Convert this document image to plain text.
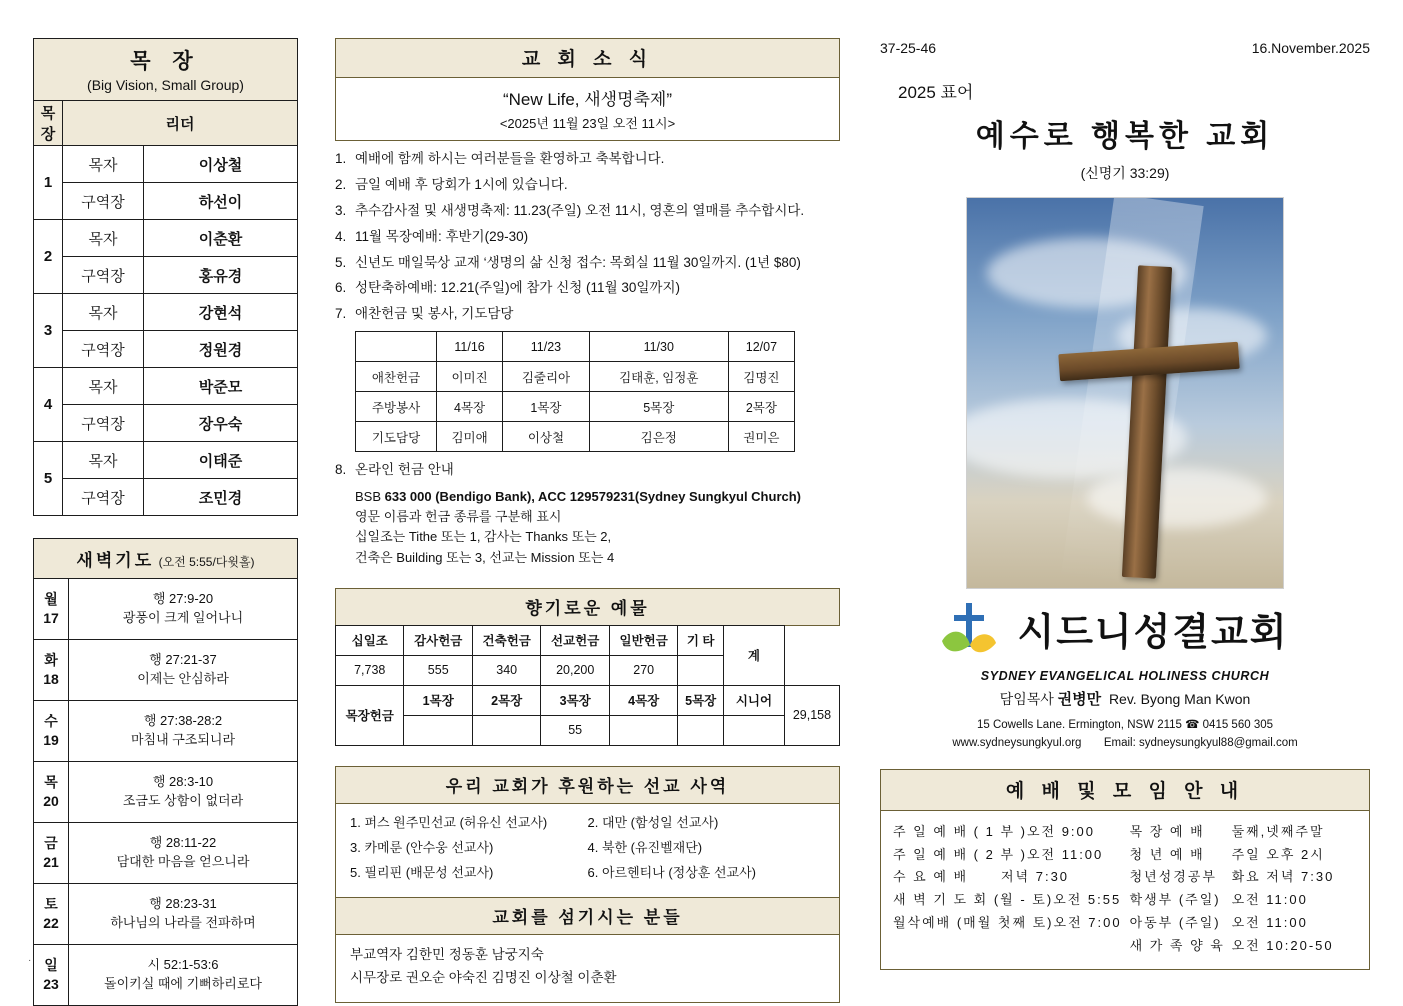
목 장
(Big Vision, Small Group)
목장	리더	
1	목자	이상철
	구역장	하선이
2	목자	이춘환
	구역장	홍유경
3	목자	강현석
	구역장	정원경
4	목자	박준모
	구역장	장우숙
5	목자	이태준
	구역장	조민경
새벽기도 (오전 5:55/다윗홀)
월
17	행 27:9-20
광풍이 크게 일어나니
화
18	행 27:21-37
이제는 안심하라
수
19	행 27:38-28:2
마침내 구조되니라
목
20	행 28:3-10
조금도 상함이 없더라
금
21	행 28:11-22
담대한 마음을 얻으니라
토
22	행 28:23-31
하나님의 나라를 전파하며
일
23	시 52:1-53:6
돌이키실 때에 기뻐하리로다
교 회 소 식
“New Life, 새생명축제”
<2025년 11월 23일 오전 11시>
1. 예배에 함께 하시는 여러분들을 환영하고 축복합니다.
2. 금일 예배 후 당회가 1시에 있습니다.
3. 추수감사절 및 새생명축제: 11.23(주일) 오전 11시, 영혼의 열매를 추수합시다.
4. 11월 목장예배: 후반기(29-30)
5. 신년도 매일묵상 교재 ‘생명의 삶 신청 접수: 목회실 11월 30일까지. (1년 $80)
6. 성탄축하예배: 12.21(주일)에 참가 신청 (11월 30일까지)
7. 애찬헌금 및 봉사, 기도담당
	11/16	11/23	11/30	12/07
애찬헌금	이미진	김줄리아	김태훈, 임정훈	김명진
주방봉사	4목장	1목장	5목장	2목장
기도담당	김미애	이상철	김은정	권미은
8. 온라인 헌금 안내
BSB 633 000 (Bendigo Bank), ACC 129579231(Sydney Sungkyul Church)
영문 이름과 헌금 종류를 구분해 표시
십일조는 Tithe 또는 1, 감사는 Thanks 또는 2,
건축은 Building 또는 3, 선교는 Mission 또는 4
향기로운 예물
십일조	감사헌금	건축헌금	선교헌금	일반헌금	기 타	계	
7,738	555	340	20,200	270			
목장헌금	1목장	2목장	3목장	4목장	5목장	시니어	29,158
			55				
우리 교회가 후원하는 선교 사역
1. 퍼스 원주민선교 (허유신 선교사)	2. 대만 (함성일 선교사)
3. 카메룬 (안수웅 선교사)	4. 북한 (유진벨재단)
5. 필리핀 (배문성 선교사)	6. 아르헨티나 (정상훈 선교사)
교회를 섬기시는 분들
부교역자 김한민 정동훈 남궁지숙
시무장로 권오순 야숙진 김명진 이상철 이춘환
37-25-46	16.November.2025
2025 표어
예수로 행복한 교회
(신명기 33:29)
시드니성결교회
SYDNEY EVANGELICAL HOLINESS CHURCH
담임목사 권병만 Rev. Byong Man Kwon
15 Cowells Lane. Ermington, NSW 2115 ☎ 0415 560 305
www.sydneysungkyul.org Email: sydneysungkyul88@gmail.com
예 배 및 모 임 안 내
주 일 예 배 ( 1 부 )오전 9:00
주 일 예 배 ( 2 부 )오전 11:00
수 요 예 배	저녁 7:30
새 벽 기 도 회 (월 - 토)오전 5:55
월삭예배 (매월 첫째 토)오전 7:00
목 장 예 배 둘째,넷째주말
청 년 예 배 주일 오후 2시
청년성경공부 화요 저녁 7:30
학생부 (주일) 오전 11:00
아동부 (주일) 오전 11:00
새 가 족 양 육 오전 10:20-50
·
